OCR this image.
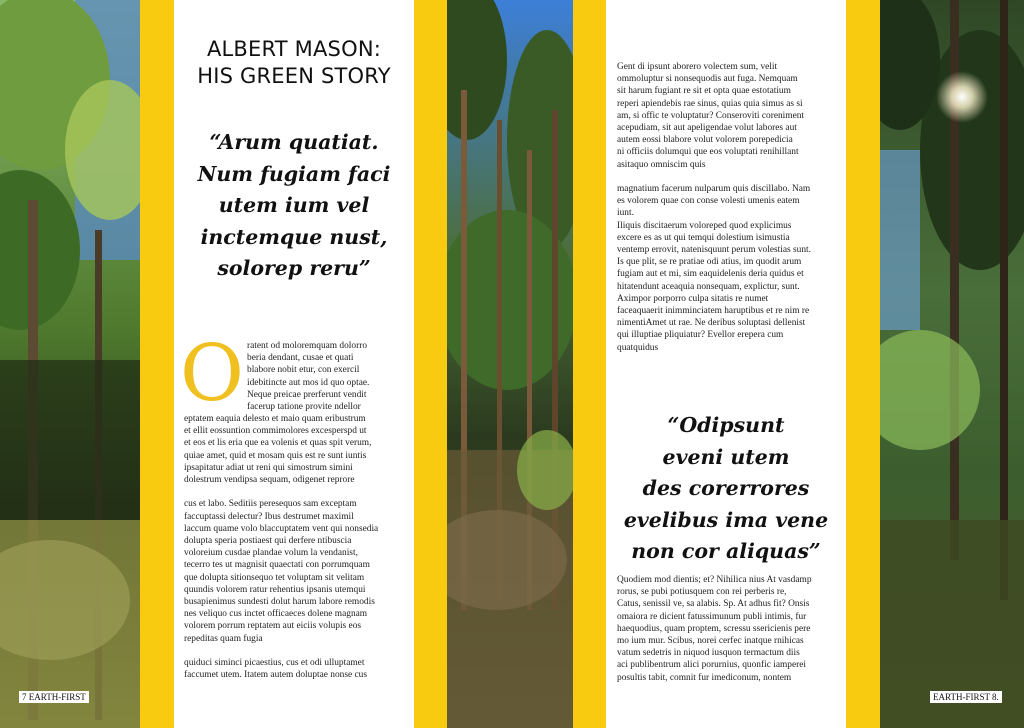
ALBERT MASON:
HIS GREEN STORY
“Arum quatiat.
Num fugiam faci
utem ium vel
inctemque nust,
solorep reru”
O ratent od moloremquam dolorro
beria dendant, cusae et quati
blabore nobit etur, con exercil
idebitincte aut mos id quo optae.
Neque preicae prerferunt vendit
facerup tatione provite ndellor
eptatem eaquia delesto et maio quam eribustrum
et ellit eossuntion commimolores excesperspd ut
et eos et lis eria que ea volenis et quas spit verum,
quiae amet, quid et mosam quis est re sunt iuntis
ipsapitatur adiat ut reni qui simostrum simini
dolestrum vendipsa sequam, odigenet reprore
cus et labo. Seditiis peresequos sam exceptam
faccuptassi delectur? Ibus destrumet maximil
laccum quame volo blaccuptatem vent qui nonsedia
dolupta speria postiaest qui derfere ntibuscia
voloreium cusdae plandae volum la vendanist,
tecerro tes ut magnisit quaectati con porrumquam
que dolupta sitionsequo tet voluptam sit velitam
quundis volorem ratur rehentius ipsanis utemqui
busapienimus sundesti dolut harum labore remodis
nes veliquo cus inctet officaeces dolene magnam
volorem porrum reptatem aut eiciis volupis eos
repeditas quam fugia
quiduci siminci picaestius, cus et odi ulluptamet
faccumet utem. Itatem autem doluptae nonse cus
Gent di ipsunt aborero volectem sum, velit
ommoluptur si nonsequodis aut fuga. Nemquam
sit harum fugiant re sit et opta quae estotatium
reperi apiendebis rae sinus, quias quia simus as si
am, si offic te voluptatur? Conseroviti coreniment
acepudiam, sit aut apeligendae volut labores aut
autem eossi blabore volut volorem porepedicia
ni officiis dolumqui que eos voluptati renihillant
asitaquo omniscim quis
magnatium facerum nulparum quis discillabo. Nam
es volorem quae con conse volesti umenis eatem
iunt.
Iliquis discitaerum voloreped quod explicimus
excere es as ut qui temqui dolestium isimustia
ventemp errovit, natenisquunt perum volestias sunt.
Is que plit, se re pratiae odi atius, im quodit arum
fugiam aut et mi, sim eaquidelenis deria quidus et
hitatendunt aceaquia nonsequam, explictur, sunt.
Aximpor porporro culpa sitatis re numet
faceaquaerit inimminciatem haruptibus et re nim re
nimentiAmet ut rae. Ne deribus soluptasi dellenist
qui illuptiae pliquiatur? Evellor erepera cum
quatquidus
“Odipsunt
eveni utem
des corerrores
evelibus ima vene
non cor aliquas”
Quodiem mod dientis; et? Nihilica nius At vasdamp
rorus, se pubi potiusquem con rei perberis re,
Catus, senissil ve, sa alabis. Sp. At adhus fit? Onsis
omaiora re dicient fatussimunum publi intimis, fur
haequodius, quam proptem, scressu ssericienis pere
mo ium mur. Scibus, norei cerfec inatque rnihicas
vatum sedetris in niquod iusquon termactum diis
aci publibentrum alici porurnius, quonfic iamperei
posultis tabit, comnit fur imediconum, nontem
7 EARTH-FIRST	EARTH-FIRST 8.
